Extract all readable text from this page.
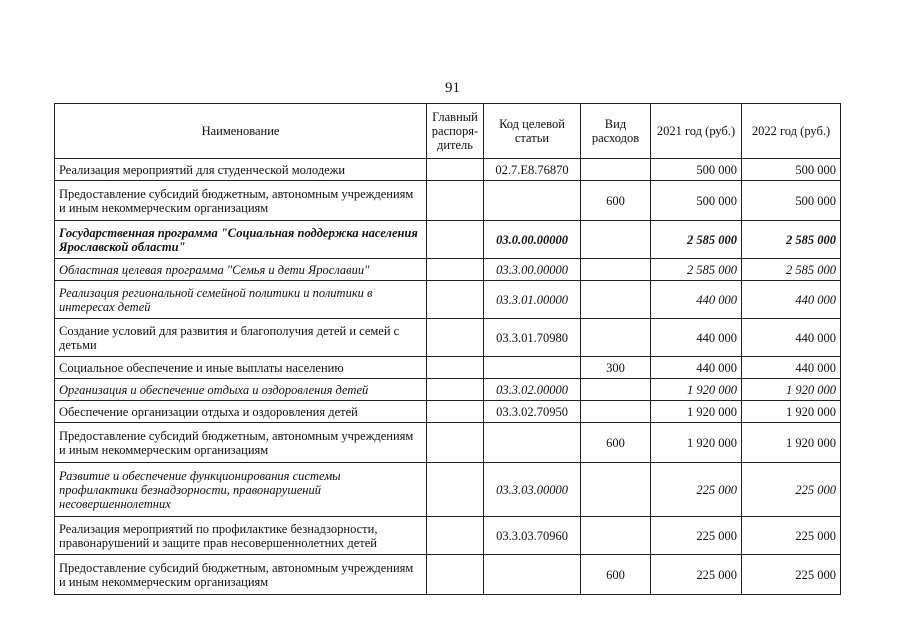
91
Наименование	Главный распоря-дитель	Код целевой статьи	Вид расходов	2021 год (руб.)	2022 год (руб.)
Реализация мероприятий для студенческой молодежи		02.7.Е8.76870		500 000	500 000
Предоставление субсидий бюджетным, автономным учреждениям и иным некоммерческим организациям			600	500 000	500 000
Государственная программа "Социальная поддержка населения Ярославской области"		03.0.00.00000		2 585 000	2 585 000
Областная целевая программа "Семья и дети Ярославии"		03.3.00.00000		2 585 000	2 585 000
Реализация региональной семейной политики и политики в интересах детей		03.3.01.00000		440 000	440 000
Создание условий для развития и благополучия детей и семей с детьми		03.3.01.70980		440 000	440 000
Социальное обеспечение и иные выплаты населению			300	440 000	440 000
Организация и обеспечение отдыха и оздоровления детей		03.3.02.00000		1 920 000	1 920 000
Обеспечение организации отдыха и оздоровления детей		03.3.02.70950		1 920 000	1 920 000
Предоставление субсидий бюджетным, автономным учреждениям и иным некоммерческим организациям			600	1 920 000	1 920 000
Развитие и обеспечение функционирования системы профилактики безнадзорности, правонарушений несовершеннолетних		03.3.03.00000		225 000	225 000
Реализация мероприятий по профилактике безнадзорности, правонарушений и защите прав несовершеннолетних детей		03.3.03.70960		225 000	225 000
Предоставление субсидий бюджетным, автономным учреждениям и иным некоммерческим организациям			600	225 000	225 000
